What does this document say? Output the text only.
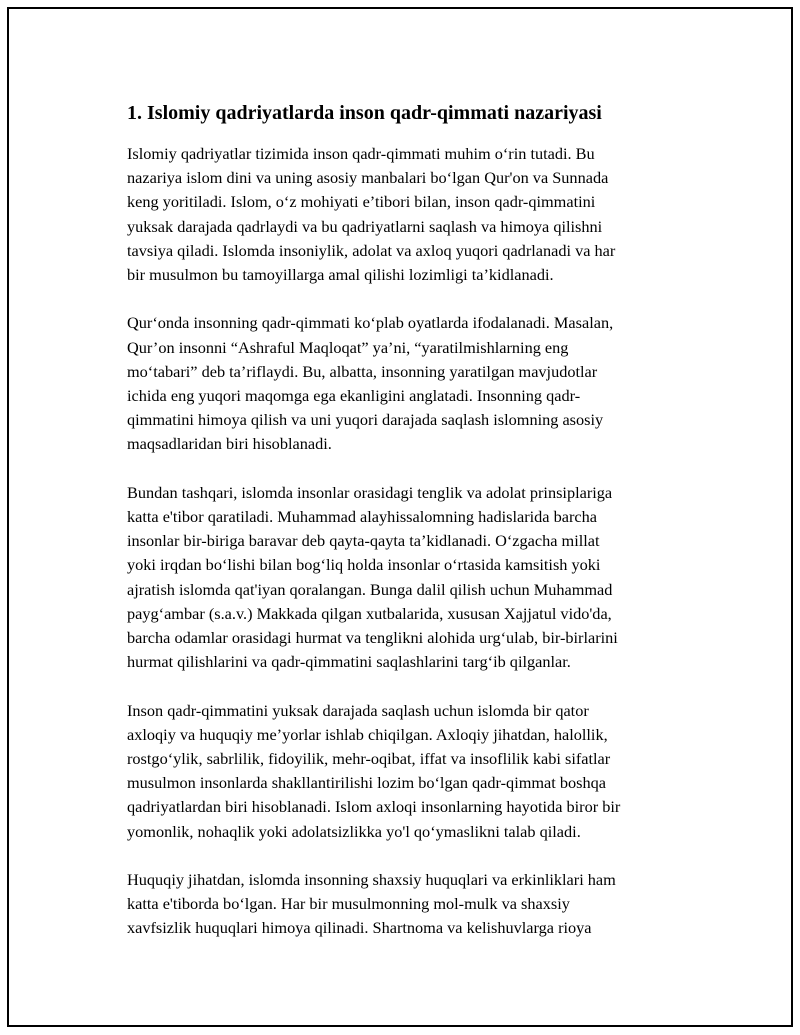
1. Islomiy qadriyatlarda inson qadr-qimmati nazariyasi

Islomiy qadriyatlar tizimida inson qadr-qimmati muhim o‘rin tutadi. Bu
nazariya islom dini va uning asosiy manbalari bo‘lgan Qur'on va Sunnada
keng yoritiladi. Islom, o‘z mohiyati e’tibori bilan, inson qadr-qimmatini
yuksak darajada qadrlaydi va bu qadriyatlarni saqlash va himoya qilishni
tavsiya qiladi. Islomda insoniylik, adolat va axloq yuqori qadrlanadi va har
bir musulmon bu tamoyillarga amal qilishi lozimligi ta’kidlanadi.

Qur‘onda insonning qadr-qimmati ko‘plab oyatlarda ifodalanadi. Masalan,
Qur’on insonni “Ashraful Maqloqat” ya’ni, “yaratilmishlarning eng
mo‘tabari” deb ta’riflaydi. Bu, albatta, insonning yaratilgan mavjudotlar
ichida eng yuqori maqomga ega ekanligini anglatadi. Insonning qadr-
qimmatini himoya qilish va uni yuqori darajada saqlash islomning asosiy
maqsadlaridan biri hisoblanadi.

Bundan tashqari, islomda insonlar orasidagi tenglik va adolat prinsiplariga
katta e'tibor qaratiladi. Muhammad alayhissalomning hadislarida barcha
insonlar bir-biriga baravar deb qayta-qayta ta’kidlanadi. O‘zgacha millat
yoki irqdan bo‘lishi bilan bog‘liq holda insonlar o‘rtasida kamsitish yoki
ajratish islomda qat'iyan qoralangan. Bunga dalil qilish uchun Muhammad
payg‘ambar (s.a.v.) Makkada qilgan xutbalarida, xususan Xajjatul vido'da,
barcha odamlar orasidagi hurmat va tenglikni alohida urg‘ulab, bir-birlarini
hurmat qilishlarini va qadr-qimmatini saqlashlarini targ‘ib qilganlar.

Inson qadr-qimmatini yuksak darajada saqlash uchun islomda bir qator
axloqiy va huquqiy me’yorlar ishlab chiqilgan. Axloqiy jihatdan, halollik,
rostgo‘ylik, sabrlilik, fidoyilik, mehr-oqibat, iffat va insoflilik kabi sifatlar
musulmon insonlarda shakllantirilishi lozim bo‘lgan qadr-qimmat boshqa
qadriyatlardan biri hisoblanadi. Islom axloqi insonlarning hayotida biror bir
yomonlik, nohaqlik yoki adolatsizlikka yo'l qo‘ymaslikni talab qiladi.

Huquqiy jihatdan, islomda insonning shaxsiy huquqlari va erkinliklari ham
katta e'tiborda bo‘lgan. Har bir musulmonning mol-mulk va shaxsiy
xavfsizlik huquqlari himoya qilinadi. Shartnoma va kelishuvlarga rioya
